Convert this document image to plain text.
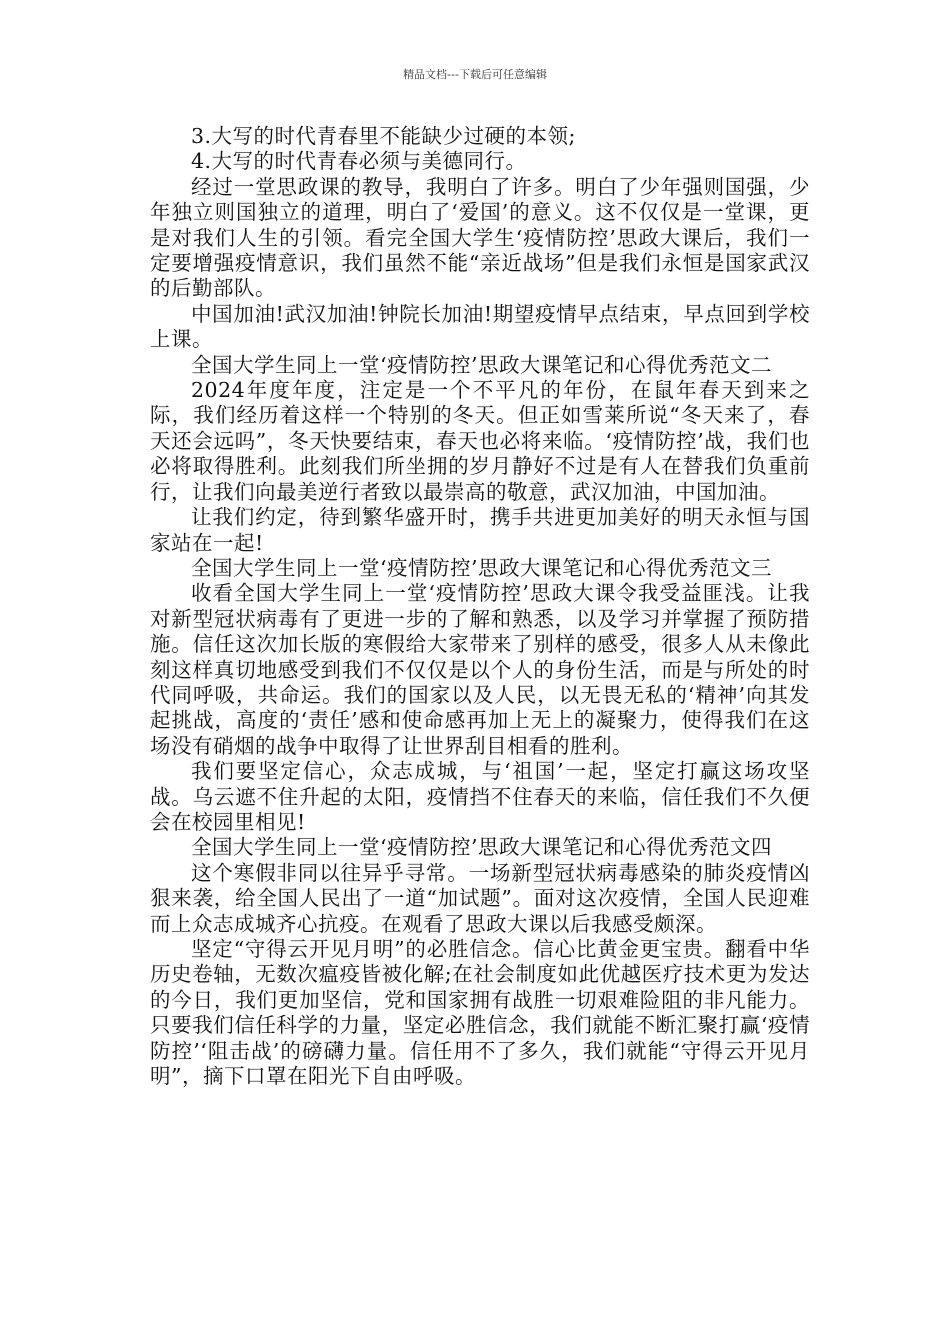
精品文档---下载后可任意编辑

3.大写的时代青春里不能缺少过硬的本领;

4.大写的时代青春必须与美德同行。

经过一堂思政课的教导，我明白了许多。明白了少年强则国强，少年独立则国独立的道理，明白了‘爱国’的意义。这不仅仅是一堂课，更是对我们人生的引领。看完全国大学生‘疫情防控’思政大课后，我们一定要增强疫情意识，我们虽然不能“亲近战场”但是我们永恒是国家武汉的后勤部队。

中国加油!武汉加油!钟院长加油!期望疫情早点结束，早点回到学校上课。

全国大学生同上一堂‘疫情防控’思政大课笔记和心得优秀范文二

2024年度年度，注定是一个不平凡的年份，在鼠年春天到来之际，我们经历着这样一个特别的冬天。但正如雪莱所说“冬天来了，春天还会远吗”，冬天快要结束，春天也必将来临。‘疫情防控’战，我们也必将取得胜利。此刻我们所坐拥的岁月静好不过是有人在替我们负重前行，让我们向最美逆行者致以最崇高的敬意，武汉加油，中国加油。

让我们约定，待到繁华盛开时，携手共进更加美好的明天永恒与国家站在一起!

全国大学生同上一堂‘疫情防控’思政大课笔记和心得优秀范文三

收看全国大学生同上一堂‘疫情防控’思政大课令我受益匪浅。让我对新型冠状病毒有了更进一步的了解和熟悉，以及学习并掌握了预防措施。信任这次加长版的寒假给大家带来了别样的感受，很多人从未像此刻这样真切地感受到我们不仅仅是以个人的身份生活，而是与所处的时代同呼吸，共命运。我们的国家以及人民，以无畏无私的‘精神’向其发起挑战，高度的‘责任’感和使命感再加上无上的凝聚力，使得我们在这场没有硝烟的战争中取得了让世界刮目相看的胜利。

我们要坚定信心，众志成城，与‘祖国’一起，坚定打赢这场攻坚战。乌云遮不住升起的太阳，疫情挡不住春天的来临，信任我们不久便会在校园里相见!

全国大学生同上一堂‘疫情防控’思政大课笔记和心得优秀范文四

这个寒假非同以往异乎寻常。一场新型冠状病毒感染的肺炎疫情凶狠来袭，给全国人民出了一道“加试题”。面对这次疫情，全国人民迎难而上众志成城齐心抗疫。在观看了思政大课以后我感受颇深。

坚定“守得云开见月明”的必胜信念。信心比黄金更宝贵。翻看中华历史卷轴，无数次瘟疫皆被化解;在社会制度如此优越医疗技术更为发达的今日，我们更加坚信，党和国家拥有战胜一切艰难险阻的非凡能力。只要我们信任科学的力量，坚定必胜信念，我们就能不断汇聚打赢‘疫情防控’‘阻击战’的磅礴力量。信任用不了多久，我们就能“守得云开见月明”，摘下口罩在阳光下自由呼吸。
